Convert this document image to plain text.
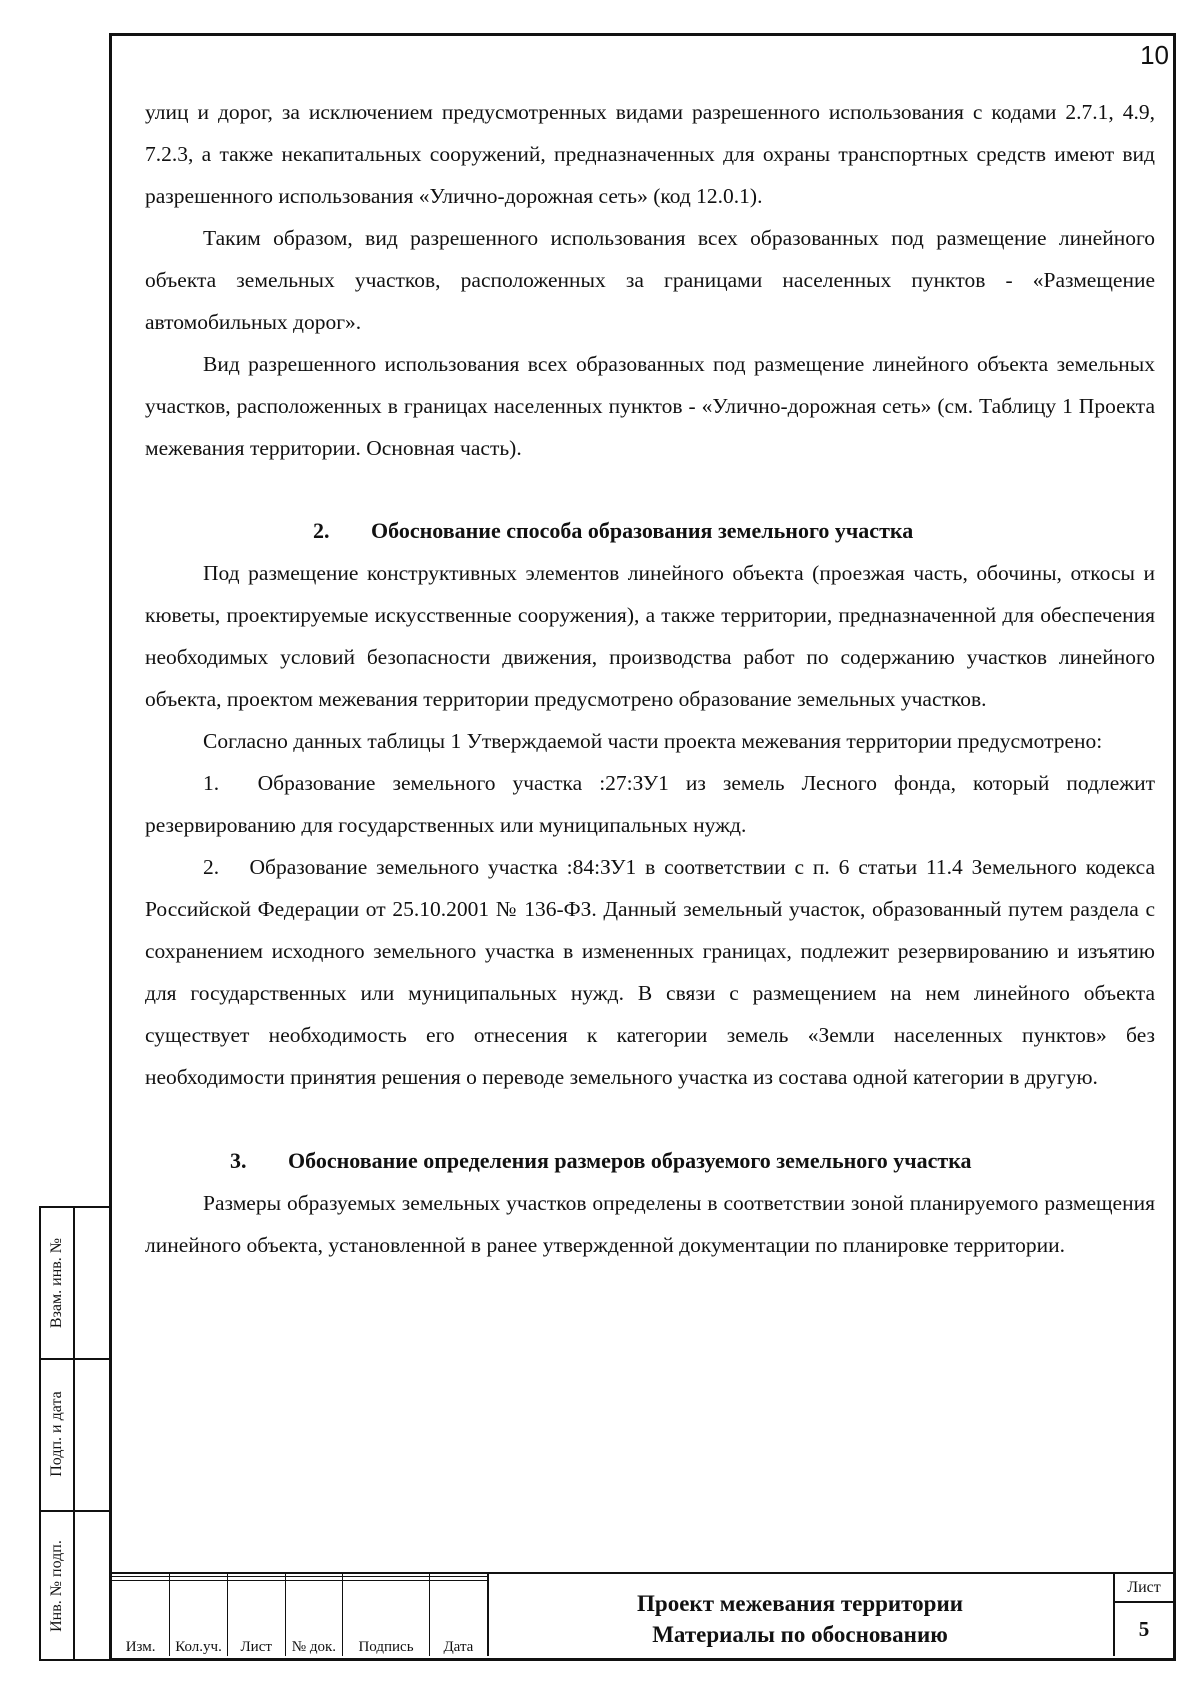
Взам. инв. №
Подп. и дата
Инв. № подп.
10

улиц и дорог, за исключением предусмотренных видами разрешенного использования с кодами 2.7.1, 4.9, 7.2.3, а также некапитальных сооружений, предназначенных для охраны транспортных средств имеют вид разрешенного использования «Улично-дорожная сеть» (код 12.0.1).

Таким образом, вид разрешенного использования всех образованных под размещение линейного объекта земельных участков, расположенных за границами населенных пунктов - «Размещение автомобильных дорог».

Вид разрешенного использования всех образованных под размещение линейного объекта земельных участков, расположенных в границах населенных пунктов - «Улично-дорожная сеть» (см. Таблицу 1 Проекта межевания территории. Основная часть).

2. Обоснование способа образования земельного участка

Под размещение конструктивных элементов линейного объекта (проезжая часть, обочины, откосы и кюветы, проектируемые искусственные сооружения), а также территории, предназначенной для обеспечения необходимых условий безопасности движения, производства работ по содержанию участков линейного объекта, проектом межевания территории предусмотрено образование земельных участков.

Согласно данных таблицы 1 Утверждаемой части проекта межевания территории предусмотрено:

1.  Образование земельного участка :27:ЗУ1 из земель Лесного фонда, который подлежит резервированию для государственных или муниципальных нужд.

2.  Образование земельного участка :84:ЗУ1 в соответствии с п. 6 статьи 11.4 Земельного кодекса Российской Федерации от 25.10.2001 № 136-ФЗ. Данный земельный участок, образованный путем раздела с сохранением исходного земельного участка в измененных границах, подлежит резервированию и изъятию для государственных или муниципальных нужд. В связи с размещением на нем линейного объекта существует необходимость его отнесения к категории земель «Земли населенных пунктов» без необходимости принятия решения о переводе земельного участка из состава одной категории в другую.

3. Обоснование определения размеров образуемого земельного участка

Размеры образуемых земельных участков определены в соответствии зоной планируемого размещения линейного объекта, установленной в ранее утвержденной документации по планировке территории.

Изм.	Кол.уч.	Лист	№ док.	Подпись	Дата
Проект межевания территории
Материалы по обоснованию
Лист
5
